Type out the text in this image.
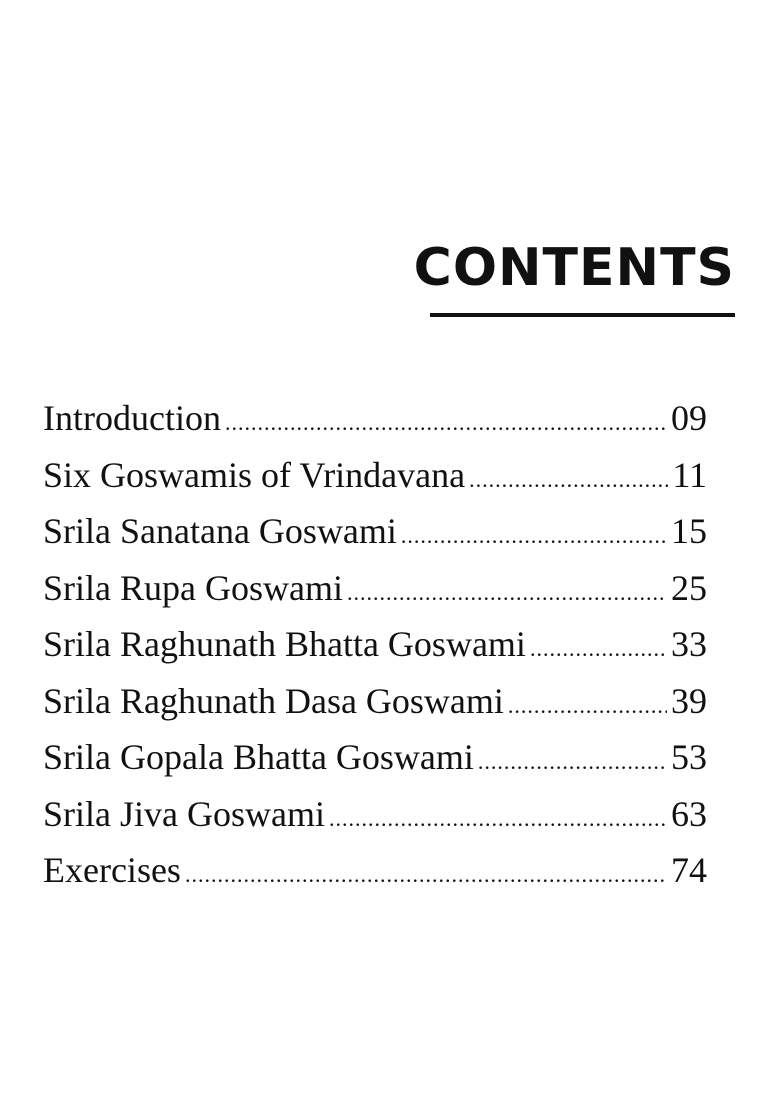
CONTENTS
Introduction .....	09
Six Goswamis of Vrindavana .....	11
Srila Sanatana Goswami .....	15
Srila Rupa Goswami .....	25
Srila Raghunath Bhatta Goswami .....	33
Srila Raghunath Dasa Goswami .....	39
Srila Gopala Bhatta Goswami .....	53
Srila Jiva Goswami .....	63
Exercises .....	74
